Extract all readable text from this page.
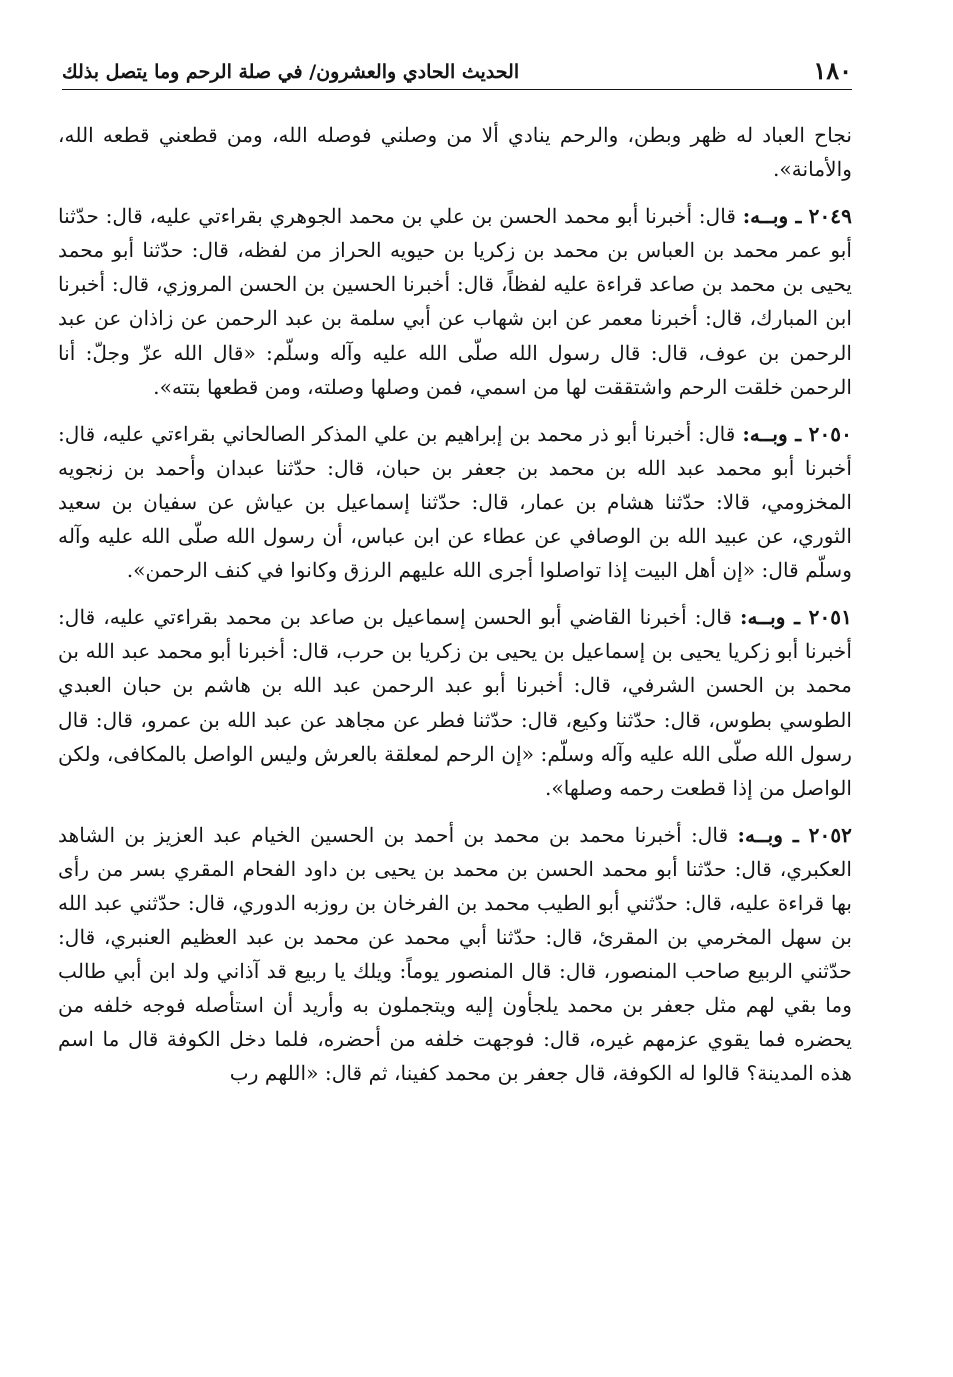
١٨٠
الحديث الحادي والعشرون/ في صلة الرحم وما يتصل بذلك

نجاح العباد له ظهر وبطن، والرحم ينادي ألا من وصلني فوصله الله، ومن قطعني قطعه الله، والأمانة».

٢٠٤٩ ـ وبــه: قال: أخبرنا أبو محمد الحسن بن علي بن محمد الجوهري بقراءتي عليه، قال: حدّثنا أبو عمر محمد بن العباس بن محمد بن زكريا بن حيويه الحراز من لفظه، قال: حدّثنا أبو محمد يحيى بن محمد بن صاعد قراءة عليه لفظاً، قال: أخبرنا الحسين بن الحسن المروزي، قال: أخبرنا ابن المبارك، قال: أخبرنا معمر عن ابن شهاب عن أبي سلمة بن عبد الرحمن عن زاذان عن عبد الرحمن بن عوف، قال: قال رسول الله صلّى الله عليه وآله وسلّم: «قال الله عزّ وجلّ: أنا الرحمن خلقت الرحم واشتققت لها من اسمي، فمن وصلها وصلته، ومن قطعها بتته».

٢٠٥٠ ـ وبــه: قال: أخبرنا أبو ذر محمد بن إبراهيم بن علي المذكر الصالحاني بقراءتي عليه، قال: أخبرنا أبو محمد عبد الله بن محمد بن جعفر بن حبان، قال: حدّثنا عبدان وأحمد بن زنجويه المخزومي، قالا: حدّثنا هشام بن عمار، قال: حدّثنا إسماعيل بن عياش عن سفيان بن سعيد الثوري، عن عبيد الله بن الوصافي عن عطاء عن ابن عباس، أن رسول الله صلّى الله عليه وآله وسلّم قال: «إن أهل البيت إذا تواصلوا أجرى الله عليهم الرزق وكانوا في كنف الرحمن».

٢٠٥١ ـ وبــه: قال: أخبرنا القاضي أبو الحسن إسماعيل بن صاعد بن محمد بقراءتي عليه، قال: أخبرنا أبو زكريا يحيى بن إسماعيل بن يحيى بن زكريا بن حرب، قال: أخبرنا أبو محمد عبد الله بن محمد بن الحسن الشرفي، قال: أخبرنا أبو عبد الرحمن عبد الله بن هاشم بن حبان العبدي الطوسي بطوس، قال: حدّثنا وكيع، قال: حدّثنا فطر عن مجاهد عن عبد الله بن عمرو، قال: قال رسول الله صلّى الله عليه وآله وسلّم: «إن الرحم لمعلقة بالعرش وليس الواصل بالمكافى، ولكن الواصل من إذا قطعت رحمه وصلها».

٢٠٥٢ ـ وبــه: قال: أخبرنا محمد بن محمد بن أحمد بن الحسين الخيام عبد العزيز بن الشاهد العكبري، قال: حدّثنا أبو محمد الحسن بن محمد بن يحيى بن داود الفحام المقري بسر من رأى بها قراءة عليه، قال: حدّثني أبو الطيب محمد بن الفرخان بن روزبه الدوري، قال: حدّثني عبد الله بن سهل المخرمي بن المقرئ، قال: حدّثنا أبي محمد عن محمد بن عبد العظيم العنبري، قال: حدّثني الربيع صاحب المنصور، قال: قال المنصور يوماً: ويلك يا ربيع قد آذاني ولد ابن أبي طالب وما بقي لهم مثل جعفر بن محمد يلجأون إليه ويتجملون به وأريد أن استأصله فوجه خلفه من يحضره فما يقوي عزمهم غيره، قال: فوجهت خلفه من أحضره، فلما دخل الكوفة قال ما اسم هذه المدينة؟ قالوا له الكوفة، قال جعفر بن محمد كفينا، ثم قال: «اللهم رب
